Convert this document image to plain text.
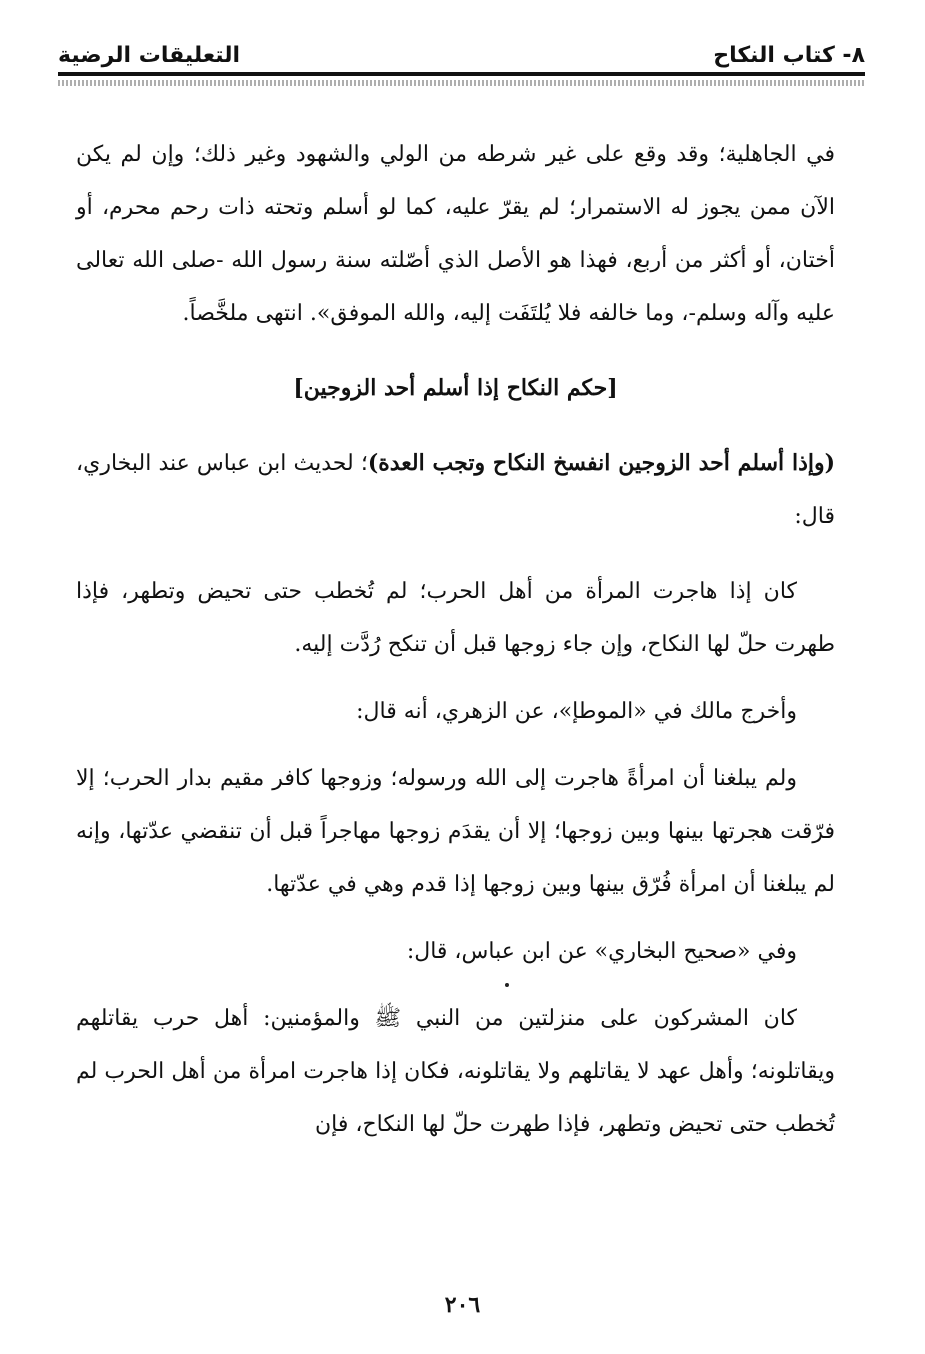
التعليقات الرضية	٨- كتاب النكاح

في الجاهلية؛ وقد وقع على غير شرطه من الولي والشهود وغير ذلك؛ وإن لم يكن الآن ممن يجوز له الاستمرار؛ لم يقرّ عليه، كما لو أسلم وتحته ذات رحم محرم، أو أختان، أو أكثر من أربع، فهذا هو الأصل الذي أصّلته سنة رسول الله -صلى الله تعالى عليه وآله وسلم-، وما خالفه فلا يُلتَفَت إليه، والله الموفق». انتهى ملخَّصاً.

[حكم النكاح إذا أسلم أحد الزوجين]

(وإذا أسلم أحد الزوجين انفسخ النكاح وتجب العدة)؛ لحديث ابن عباس عند البخاري، قال:

كان إذا هاجرت المرأة من أهل الحرب؛ لم تُخطب حتى تحيض وتطهر، فإذا طهرت حلّ لها النكاح، وإن جاء زوجها قبل أن تنكح رُدَّت إليه.

وأخرج مالك في «الموطإ»، عن الزهري، أنه قال:

ولم يبلغنا أن امرأةً هاجرت إلى الله ورسوله؛ وزوجها كافر مقيم بدار الحرب؛ إلا فرّقت هجرتها بينها وبين زوجها؛ إلا أن يقدَم زوجها مهاجراً قبل أن تنقضي عدّتها، وإنه لم يبلغنا أن امرأة فُرّق بينها وبين زوجها إذا قدم وهي في عدّتها.

وفي «صحيح البخاري» عن ابن عباس، قال:

كان المشركون على منزلتين من النبي ﷺ والمؤمنين: أهل حرب يقاتلهم ويقاتلونه؛ وأهل عهد لا يقاتلهم ولا يقاتلونه، فكان إذا هاجرت امرأة من أهل الحرب لم تُخطب حتى تحيض وتطهر، فإذا طهرت حلّ لها النكاح، فإن

٢٠٦
